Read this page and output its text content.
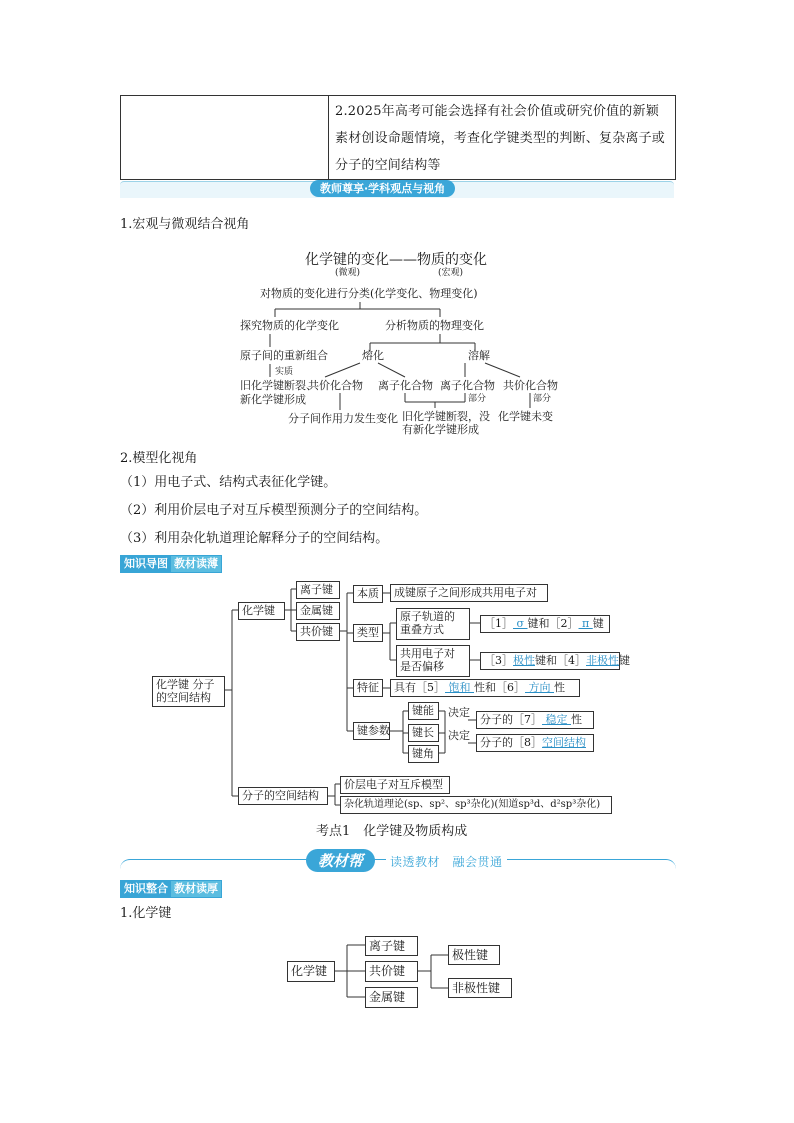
2.2025年高考可能会选择有社会价值或研究价值的新颖素材创设命题情境，考查化学键类型的判断、复杂离子或分子的空间结构等
教师尊享·学科观点与视角
1.宏观与微观结合视角
化学键的变化——物质的变化
(微观)	(宏观)
对物质的变化进行分类(化学变化、物理变化)
探究物质的化学变化	分析物质的物理变化
原子间的重新组合
实质
旧化学键断裂、
新化学键形成
熔化	溶解
共价化合物 离子化合物 离子化合物 共价化合物
部分	部分
分子间作用力发生变化 旧化学键断裂，没
有新化学键形成
化学键未变
2.模型化视角
（1）用电子式、结构式表征化学键。
（2）利用价层电子对互斥模型预测分子的空间结构。
（3）利用杂化轨道理论解释分子的空间结构。
知识导图 教材读薄
化学键 分子的空间结构
化学键
离子键
金属键
共价键
本质	成键原子之间形成共用电子对
类型
原子轨道的
重叠方式	［1］ σ 键和［2］ π 键
共用电子对
是否偏移	［3］极性键和［4］非极性键
特征	具有［5］ 饱和 性和［6］ 方向 性
键参数
键能
键长
键角
决定
决定
分子的［7］ 稳定 性
分子的［8］空间结构
分子的空间结构
价层电子对互斥模型
杂化轨道理论(sp、sp²、sp³杂化)(知道sp³d、d²sp³杂化)
考点1　化学键及物质构成
教材帮	读透教材　融会贯通
知识整合 教材读厚
1.化学键
化学键
离子键
共价键
金属键
极性键
非极性键
